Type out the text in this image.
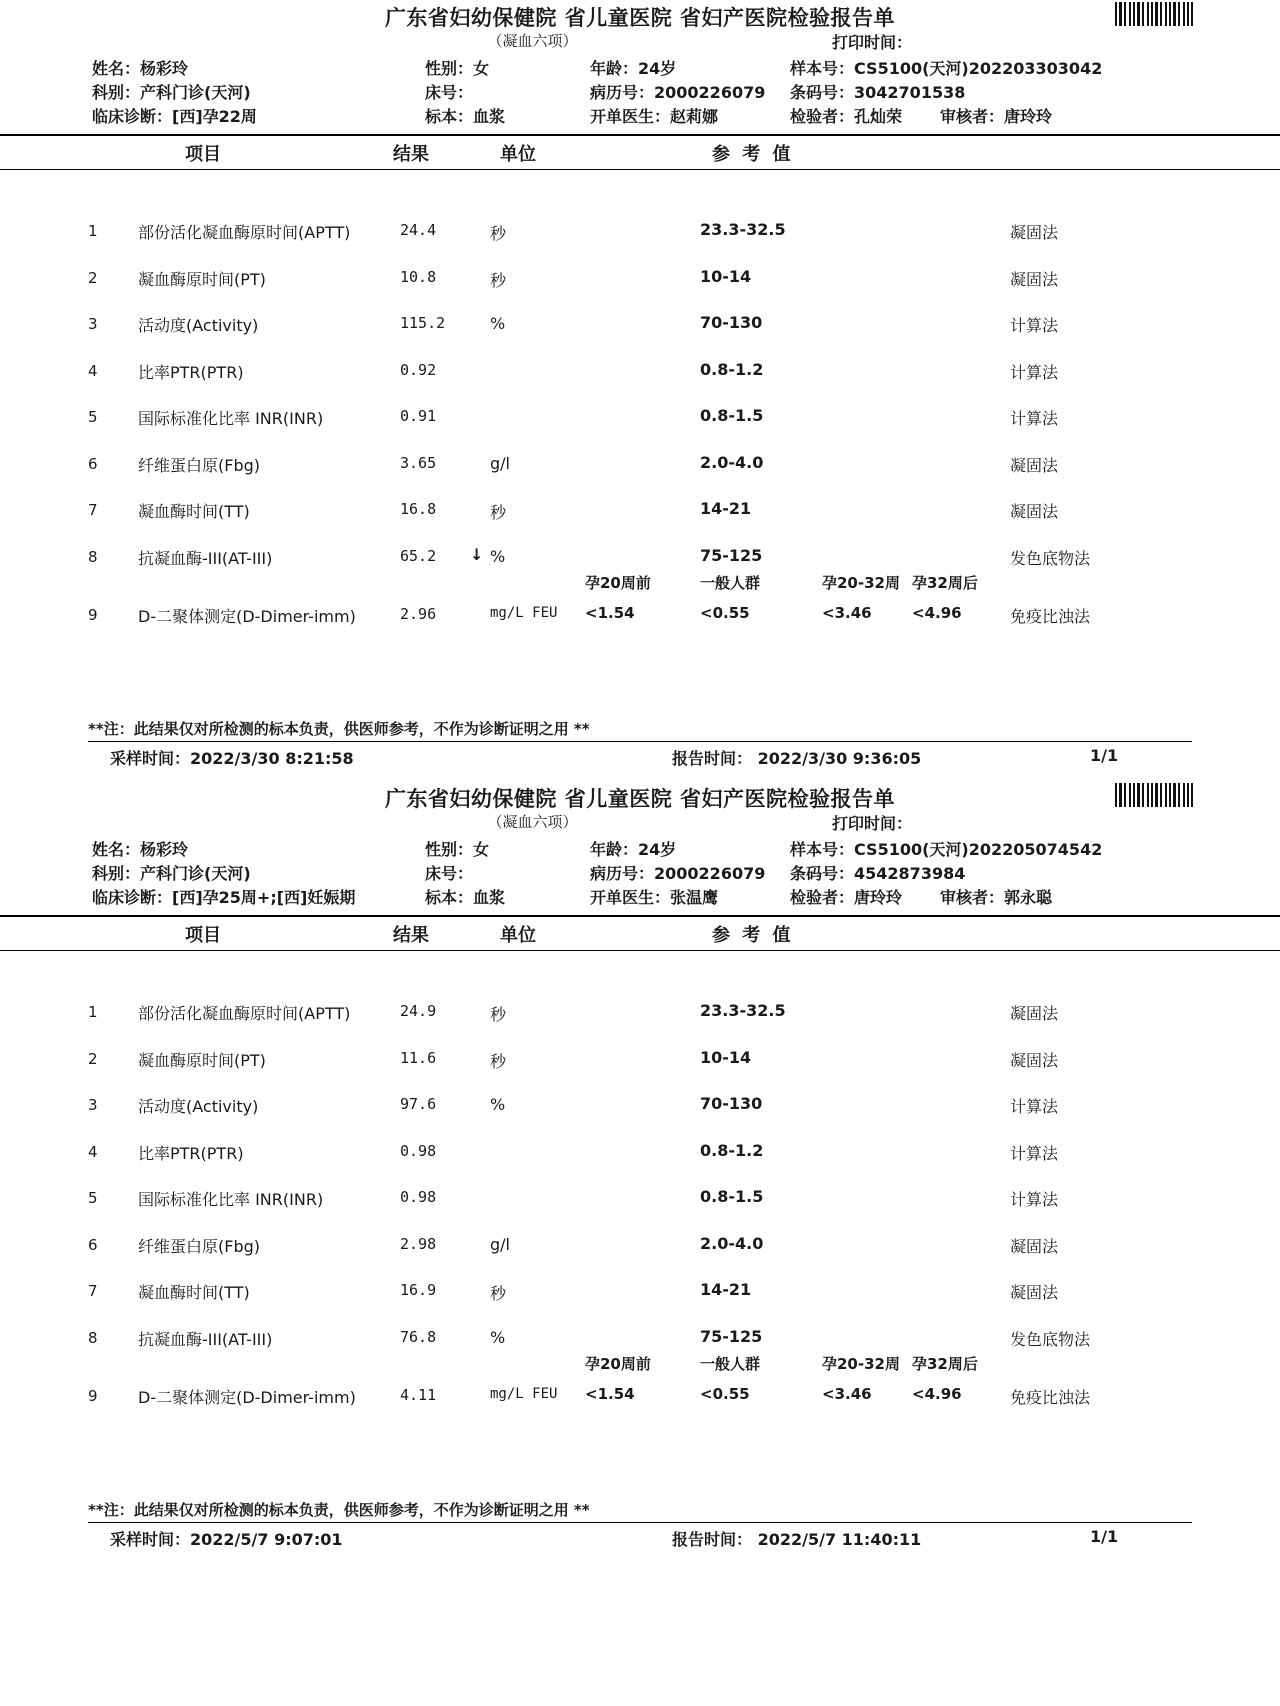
广东省妇幼保健院 省儿童医院 省妇产医院检验报告单
（凝血六项）	打印时间：
姓名：杨彩玲	性别：女	年龄：24岁	样本号：CS5100(天河)202203303042
科别：产科门诊(天河)	床号：	病历号：2000226079 条码号：3042701538
临床诊断：[西]孕22周	标本：血浆	开单医生：赵莉娜	检验者：孔灿荣 审核者：唐玲玲
项目	结果	单位	参 考 值
1	部份活化凝血酶原时间(APTT)	24.4	秒	23.3-32.5	凝固法
2	凝血酶原时间(PT)	10.8	秒	10-14	凝固法
3	活动度(Activity)	115.2	%	70-130	计算法
4	比率PTR(PTR)	0.92	0.8-1.2	计算法
5	国际标准化比率 INR(INR)	0.91	0.8-1.5	计算法
6	纤维蛋白原(Fbg)	3.65	g/l	2.0-4.0	凝固法
7	凝血酶时间(TT)	16.8	秒	14-21	凝固法
8	抗凝血酶-III(AT-III)	65.2 ↓ %	75-125	发色底物法
孕20周前	一般人群	孕20-32周 孕32周后
9	D-二聚体测定(D-Dimer-imm)	2.96	mg/L FEU <1.54	<0.55	<3.46	<4.96	免疫比浊法
**注：此结果仅对所检测的标本负责，供医师参考，不作为诊断证明之用 **
采样时间：2022/3/30 8:21:58	报告时间： 2022/3/30 9:36:05	1/1
广东省妇幼保健院 省儿童医院 省妇产医院检验报告单
（凝血六项）	打印时间：
姓名：杨彩玲	性别：女	年龄：24岁	样本号：CS5100(天河)202205074542
科别：产科门诊(天河)	床号：	病历号：2000226079 条码号：4542873984
临床诊断：[西]孕25周+;[西]妊娠期	标本：血浆	开单医生：张温鹰	检验者：唐玲玲 审核者：郭永聪
项目	结果	单位	参 考 值
1	部份活化凝血酶原时间(APTT)	24.9	秒	23.3-32.5	凝固法
2	凝血酶原时间(PT)	11.6	秒	10-14	凝固法
3	活动度(Activity)	97.6	%	70-130	计算法
4	比率PTR(PTR)	0.98	0.8-1.2	计算法
5	国际标准化比率 INR(INR)	0.98	0.8-1.5	计算法
6	纤维蛋白原(Fbg)	2.98	g/l	2.0-4.0	凝固法
7	凝血酶时间(TT)	16.9	秒	14-21	凝固法
8	抗凝血酶-III(AT-III)	76.8	%	75-125	发色底物法
孕20周前	一般人群	孕20-32周 孕32周后
9	D-二聚体测定(D-Dimer-imm)	4.11	mg/L FEU <1.54	<0.55	<3.46	<4.96	免疫比浊法
**注：此结果仅对所检测的标本负责，供医师参考，不作为诊断证明之用 **
采样时间：2022/5/7 9:07:01	报告时间： 2022/5/7 11:40:11	1/1
